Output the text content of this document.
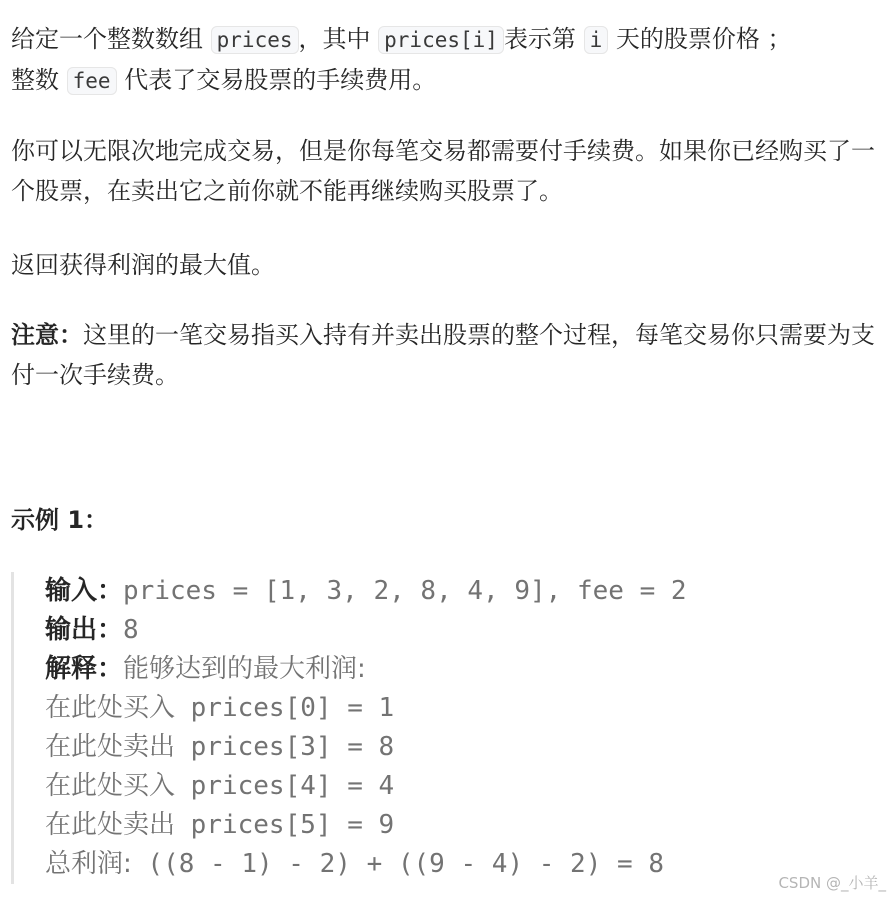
给定一个整数数组 prices ，其中 prices[i] 表示第 i 天的股票价格 ；
整数 fee 代表了交易股票的手续费用。

你可以无限次地完成交易，但是你每笔交易都需要付手续费。如果你已经购买了一个股票，在卖出它之前你就不能再继续购买股票了。

返回获得利润的最大值。

注意：这里的一笔交易指买入持有并卖出股票的整个过程，每笔交易你只需要为支付一次手续费。

示例 1：
输入：prices = [1, 3, 2, 8, 4, 9], fee = 2
输出：8
解释：能够达到的最大利润:
在此处买入 prices[0] = 1
在此处卖出 prices[3] = 8
在此处买入 prices[4] = 4
在此处卖出 prices[5] = 9
总利润: ((8 - 1) - 2) + ((9 - 4) - 2) = 8
CSDN @_小羊_
